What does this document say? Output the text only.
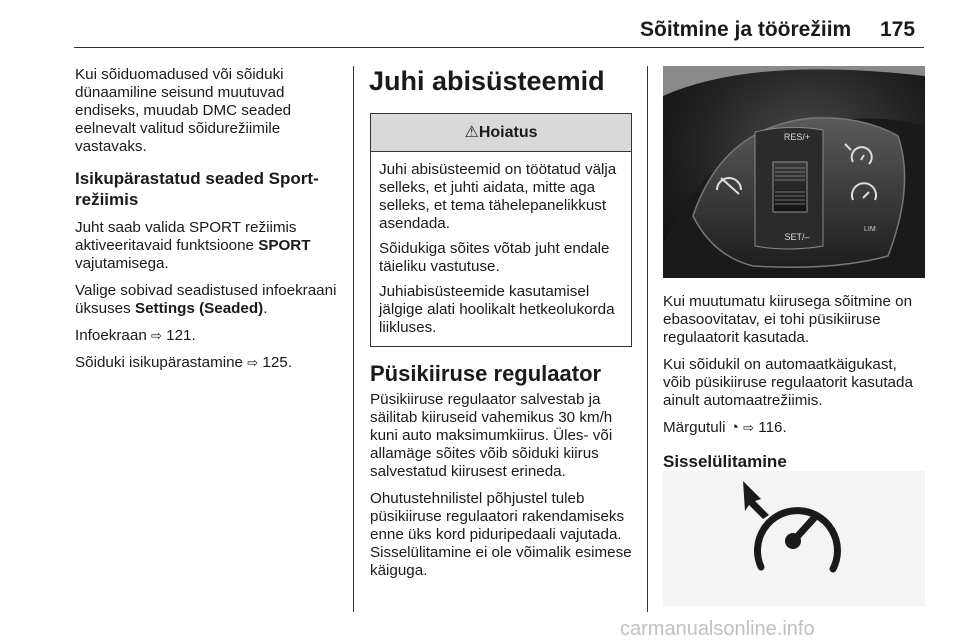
Sõitmine ja töörežiim 175

Kui sõiduomadused või sõiduki dünaamiline seisund muutuvad endiseks, muudab DMC seaded eelnevalt valitud sõidurežiimile vastavaks.

Isikupärastatud seaded Sport-režiimis

Juht saab valida SPORT režiimis aktiveeritavaid funktsioone SPORT vajutamisega.

Valige sobivad seadistused infoekraani üksuses Settings (Seaded).

Infoekraan ⇨ 121.

Sõiduki isikupärastamine ⇨ 125.

Juhi abisüsteemid
⚠Hoiatus

Juhi abisüsteemid on töötatud välja selleks, et juhti aidata, mitte aga selleks, et tema tähelepanelikkust asendada.

Sõidukiga sõites võtab juht endale täieliku vastutuse.

Juhiabisüsteemide kasutamisel jälgige alati hoolikalt hetkeolukorda liikluses.

Püsikiiruse regulaator

Püsikiiruse regulaator salvestab ja säilitab kiiruseid vahemikus 30 km/h kuni auto maksimumkiirus. Üles- või allamäge sõites võib sõiduki kiirus salvestatud kiirusest erineda.

Ohutustehnilistel põhjustel tuleb püsikiiruse regulaatori rakendamiseks enne üks kord piduripedaali vajutada.

Sisselülitamine ei ole võimalik esimese käiguga.

RES/+
SET/–
LIM

Kui muutumatu kiirusega sõitmine on ebasoovitatav, ei tohi püsikiiruse regulaatorit kasutada.

Kui sõidukil on automaatkäigukast, võib püsikiiruse regulaatorit kasutada ainult automaatrežiimis.

Märgutuli ◔ ⇨ 116.

Sisselülitamine
carmanualsonline.info
